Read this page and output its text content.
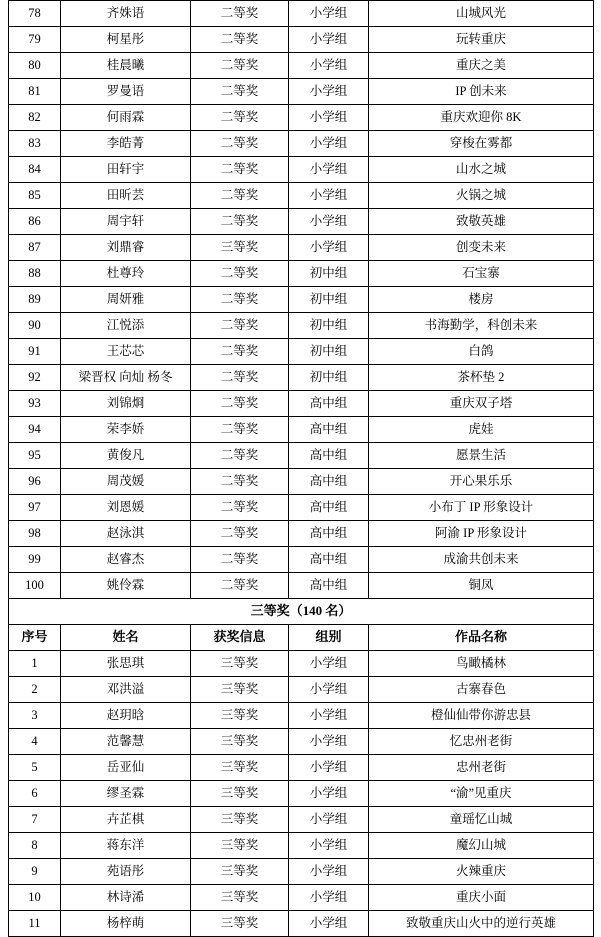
78	齐姝语	二等奖	小学组	山城风光
79	柯星彤	二等奖	小学组	玩转重庆
80	桂晨曦	二等奖	小学组	重庆之美
81	罗曼语	二等奖	小学组	IP 创未来
82	何雨霖	二等奖	小学组	重庆欢迎你 8K
83	李皓菁	二等奖	小学组	穿梭在雾都
84	田轩宇	二等奖	小学组	山水之城
85	田昕芸	二等奖	小学组	火锅之城
86	周宇轩	二等奖	小学组	致敬英雄
87	刘鼎睿	三等奖	小学组	创变未来
88	杜尊玲	二等奖	初中组	石宝寨
89	周妍雅	二等奖	初中组	楼房
90	江悦添	二等奖	初中组	书海勤学，科创未来
91	王芯芯	二等奖	初中组	白鸽
92	梁晋权 向灿 杨冬	二等奖	初中组	茶杯垫 2
93	刘锦烱	二等奖	高中组	重庆双子塔
94	荣李娇	二等奖	高中组	虎娃
95	黄俊凡	二等奖	高中组	愿景生活
96	周茂媛	二等奖	高中组	开心果乐乐
97	刘恩媛	二等奖	高中组	小布丁 IP 形象设计
98	赵泳淇	二等奖	高中组	阿渝 IP 形象设计
99	赵睿杰	二等奖	高中组	成渝共创未来
100	姚伶霖	二等奖	高中组	铜凤
三等奖（140 名）				
序号	姓名	获奖信息	组别	作品名称
1	张思琪	三等奖	小学组	鸟瞰橘林
2	邓洪溢	三等奖	小学组	古寨春色
3	赵玥晗	三等奖	小学组	橙仙仙带你游忠县
4	范馨慧	三等奖	小学组	忆忠州老街
5	岳亚仙	三等奖	小学组	忠州老街
6	缪圣霖	三等奖	小学组	“渝”见重庆
7	卉芷棋	三等奖	小学组	童瑶忆山城
8	蒋东洋	三等奖	小学组	魔幻山城
9	苑语彤	三等奖	小学组	火辣重庆
10	林诗浠	三等奖	小学组	重庆小面
11	杨梓萌	三等奖	小学组	致敬重庆山火中的逆行英雄
